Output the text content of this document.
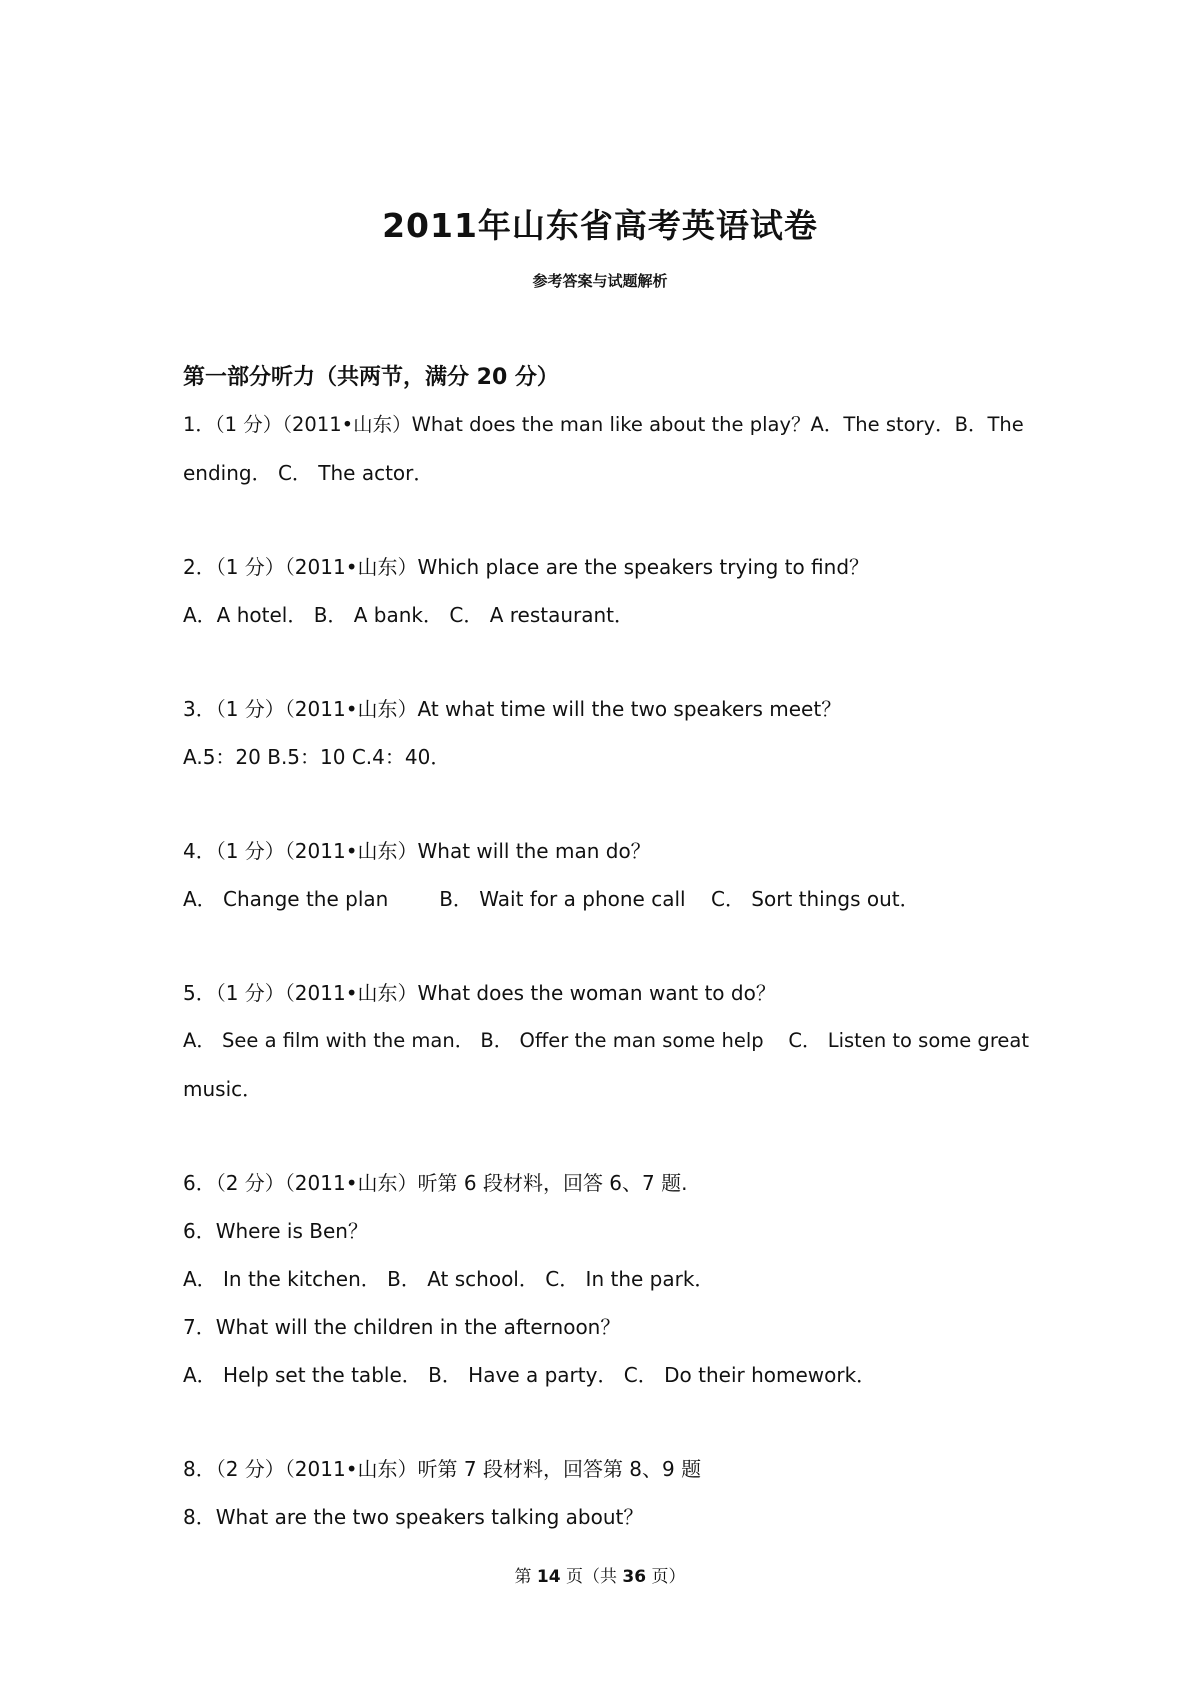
2011年山东省高考英语试卷

参考答案与试题解析

第一部分听力（共两节，满分 20 分）

1．（1 分）（2011•山东）What does the man like about the play？A．The story．B．The

ending． C． The actor．

2．（1 分）（2011•山东）Which place are the speakers trying to find？

A．A hotel． B． A bank． C． A restaurant．

3．（1 分）（2011•山东）At what time will the two speakers meet？

A.5：20 B.5：10 C.4：40．

4．（1 分）（2011•山东）What will the man do？

A． Change the plan        B． Wait for a phone call    C． Sort things out．

5．（1 分）（2011•山东）What does the woman want to do？

A． See a film with the man． B． Offer the man some help    C． Listen to some great

music．

6．（2 分）（2011•山东）听第 6 段材料，回答 6、7 题.

6．Where is Ben？

A． In the kitchen． B． At school． C． In the park．

7．What will the children in the afternoon？

A． Help set the table． B． Have a party． C． Do their homework．

8．（2 分）（2011•山东）听第 7 段材料，回答第 8、9 题

8．What are the two speakers talking about？

第 14 页（共 36 页）
